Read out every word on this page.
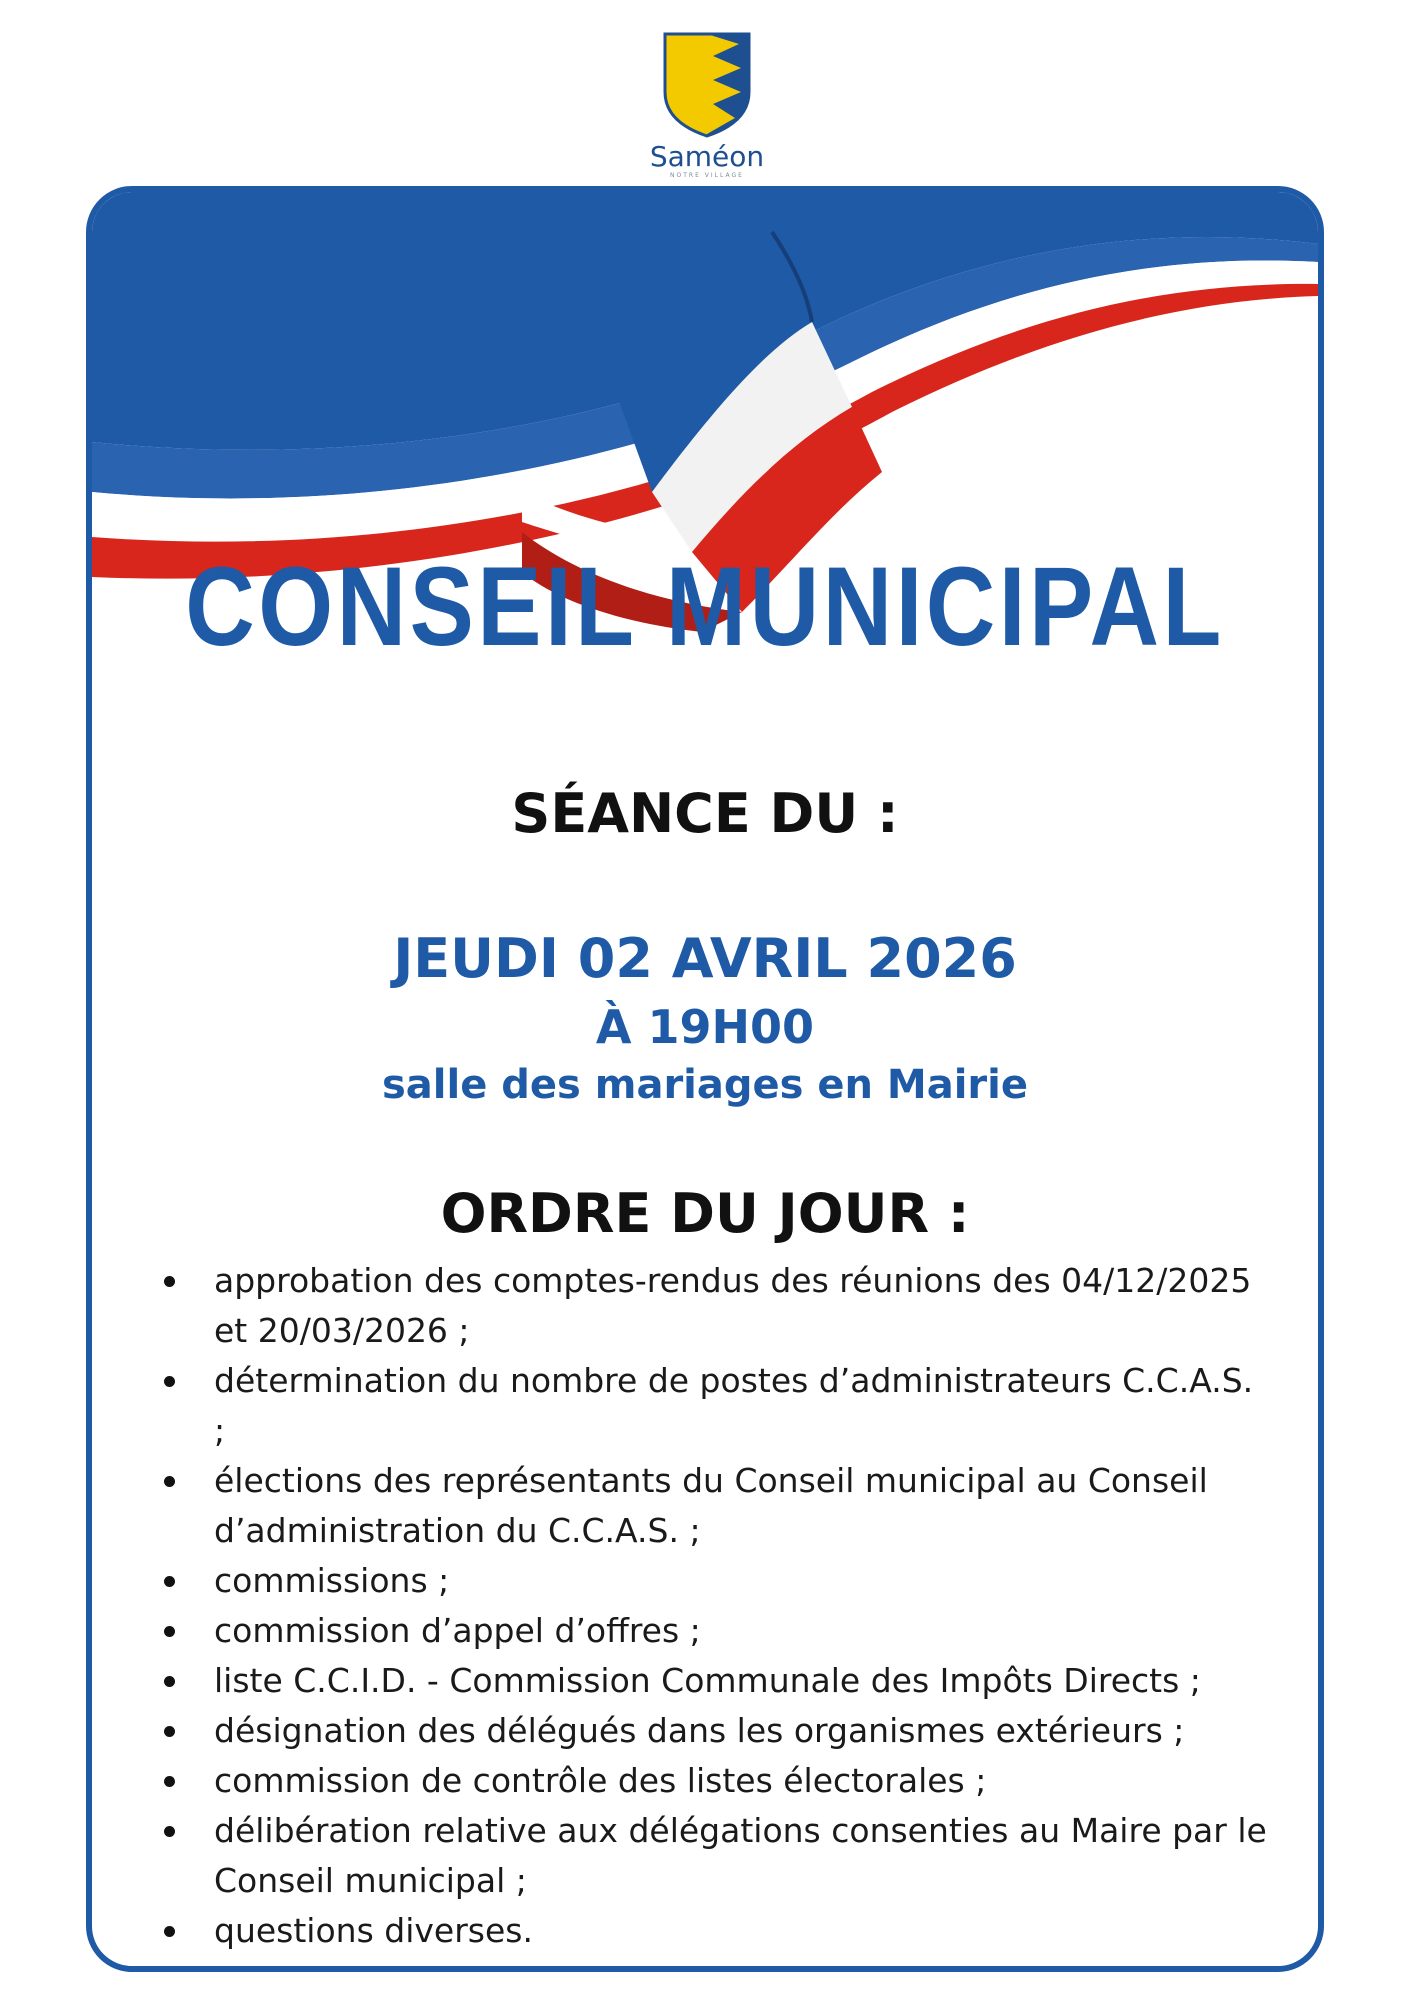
Saméon
NOTRE VILLAGE
CONSEIL MUNICIPAL
SÉANCE DU :
JEUDI 02 AVRIL 2026
À 19H00
salle des mariages en Mairie
ORDRE DU JOUR :
approbation des comptes-rendus des réunions des 04/12/2025 et 20/03/2026 ;
détermination du nombre de postes d’administrateurs C.C.A.S. ;
élections des représentants du Conseil municipal au Conseil d’administration du C.C.A.S. ;
commissions ;
commission d’appel d’offres ;
liste C.C.I.D. - Commission Communale des Impôts Directs ;
désignation des délégués dans les organismes extérieurs ;
commission de contrôle des listes électorales ;
délibération relative aux délégations consenties au Maire par le Conseil municipal ;
questions diverses.
